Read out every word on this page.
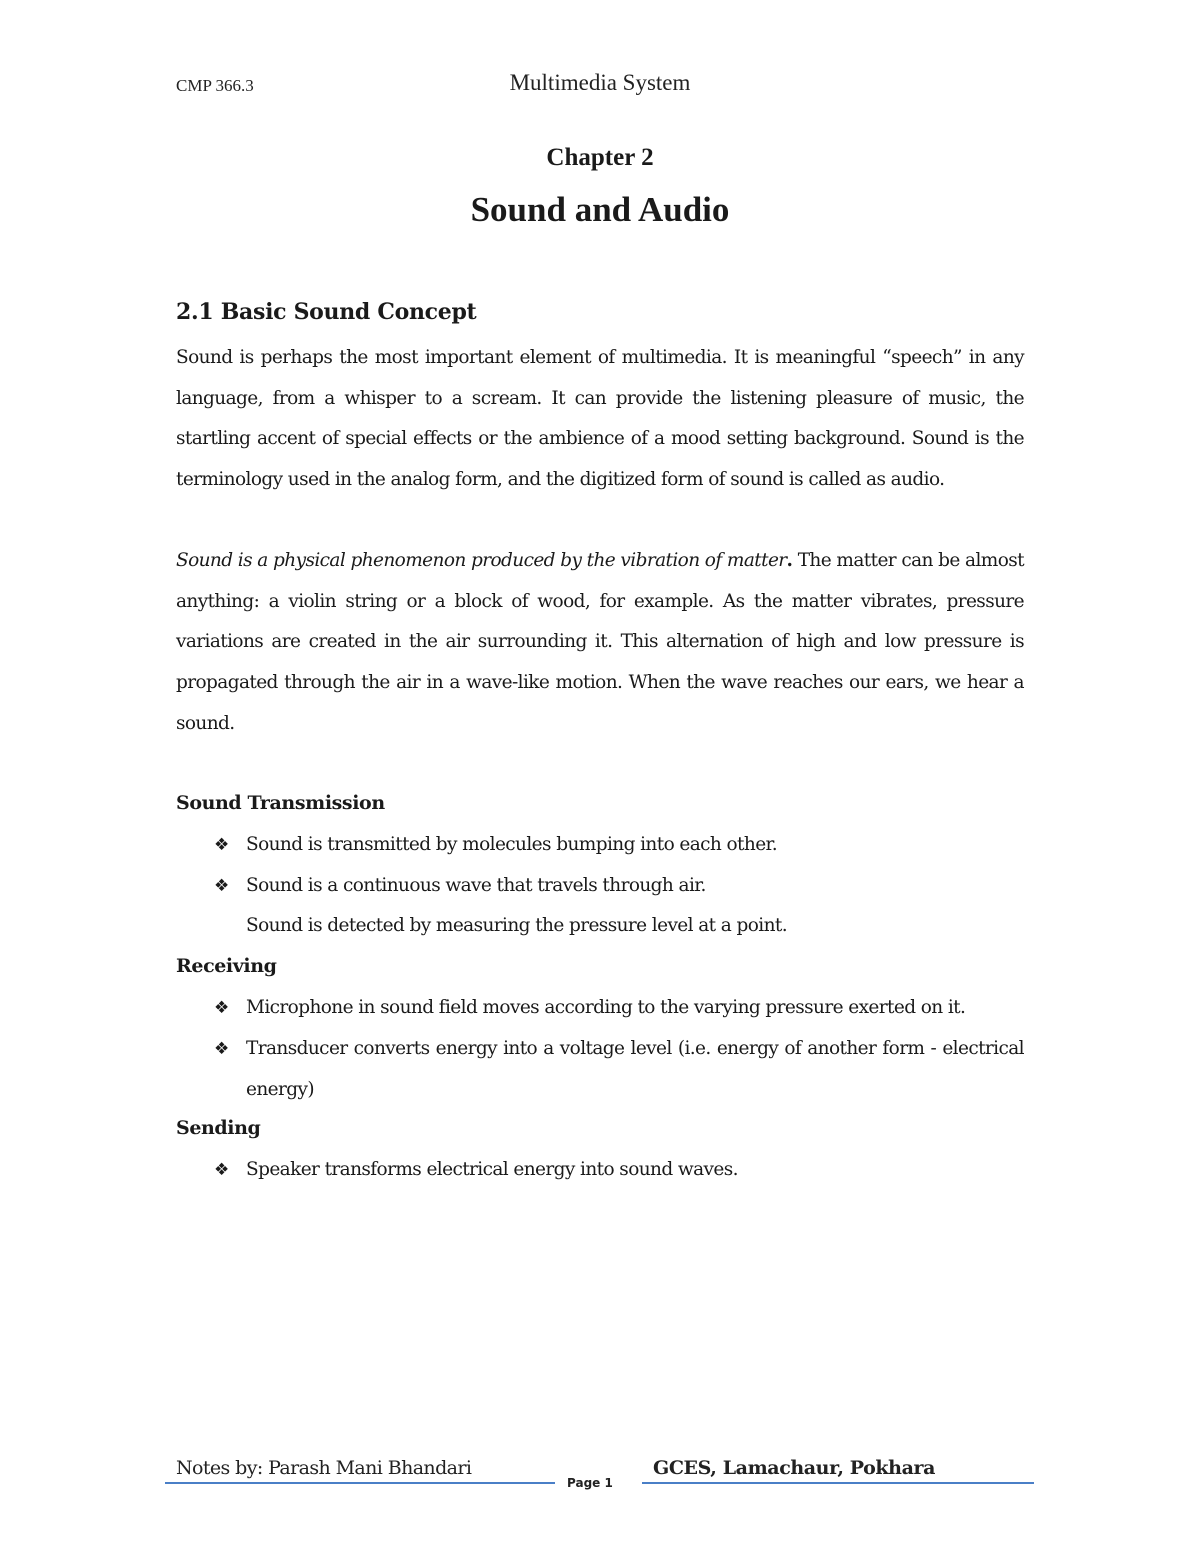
CMP 366.3	Multimedia System
Chapter 2
Sound and Audio
2.1 Basic Sound Concept
Sound is perhaps the most important element of multimedia. It is meaningful “speech” in any language, from a whisper to a scream. It can provide the listening pleasure of music, the startling accent of special effects or the ambience of a mood setting background. Sound is the terminology used in the analog form, and the digitized form of sound is called as audio.
Sound is a physical phenomenon produced by the vibration of matter. The matter can be almost anything: a violin string or a block of wood, for example. As the matter vibrates, pressure variations are created in the air surrounding it. This alternation of high and low pressure is propagated through the air in a wave-like motion. When the wave reaches our ears, we hear a sound.
Sound Transmission
❖ Sound is transmitted by molecules bumping into each other.
❖ Sound is a continuous wave that travels through air.
Sound is detected by measuring the pressure level at a point.
Receiving
❖ Microphone in sound field moves according to the varying pressure exerted on it.
❖ Transducer converts energy into a voltage level (i.e. energy of another form - electrical energy)
Sending
❖ Speaker transforms electrical energy into sound waves.
Notes by: Parash Mani Bhandari
Page 1
GCES, Lamachaur, Pokhara
